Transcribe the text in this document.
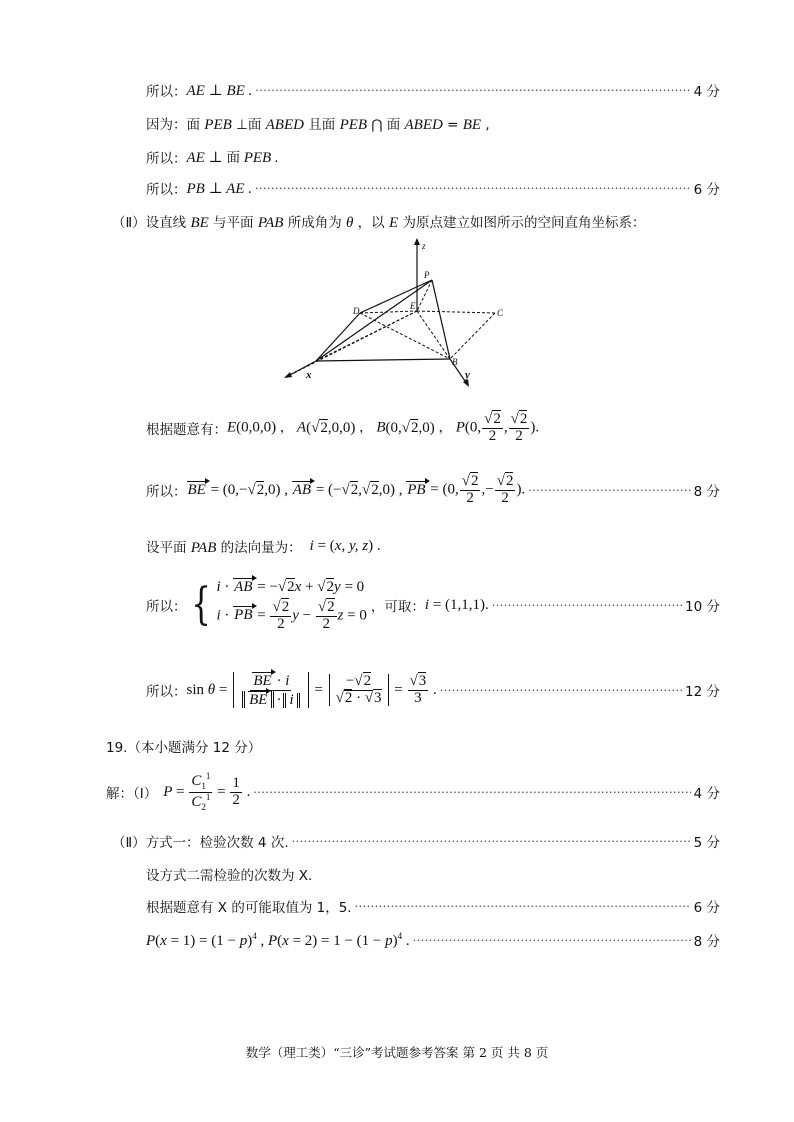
所以： AE ⊥ BE . ·····	4 分
因为：面 PEB ⊥面 ABED 且面 PEB ⋂ 面 ABED = BE ,
所以： AE ⊥ 面 PEB .
所以： PB ⊥ AE . ·····	6 分
（Ⅱ）设直线 BE 与平面 PAB 所成角为 θ ，以 E 为原点建立如图所示的空间直角坐标系：
z
x	y
P
D	E
C
B
根据题意有： E(0,0,0) ， A(√2,0,0) ， B(0,√2,0) ， P(0, $\frac{√2}{2}$ , $\frac{√2}{2}$ ).
所以： BE = (0,−√2,0) , AB = (−√2,√2,0) , PB = (0, $\frac{√2}{2}$ ,− $\frac{√2}{2}$ ). ·····	8 分
设平面 PAB 的法向量为： i = (x, y, z) .
所以： { i · AB = −√2x + √2y = 0
i · PB = $\frac{√2}{2}$ $y - \frac{√2}{2}$ z = 0
，可取： i = (1,1,1). ·····	10 分
所以： $\sin \theta = \frac{BE \cdot i}{BE \cdot i} = \frac{-√2}{√2 \cdot √3} = \frac{√3}{3}$ . ·····	12 分
19.（本小题满分 12 分）
解：（Ⅰ） $P = \frac{C_1^1}{C_2^1} = \frac{1}{2}$ . ·····	4 分
（Ⅱ）方式一：检验次数 4 次. ·····	5 分
设方式二需检验的次数为 X.
根据题意有 X 的可能取值为 1，5. ·····	6 分
$P(x = 1) = (1 - p)^4$ , $P(x = 2) = 1 - (1 - p)^4$ . ·····	8 分
数学（理工类）“三诊”考试题参考答案 第 2 页 共 8 页
